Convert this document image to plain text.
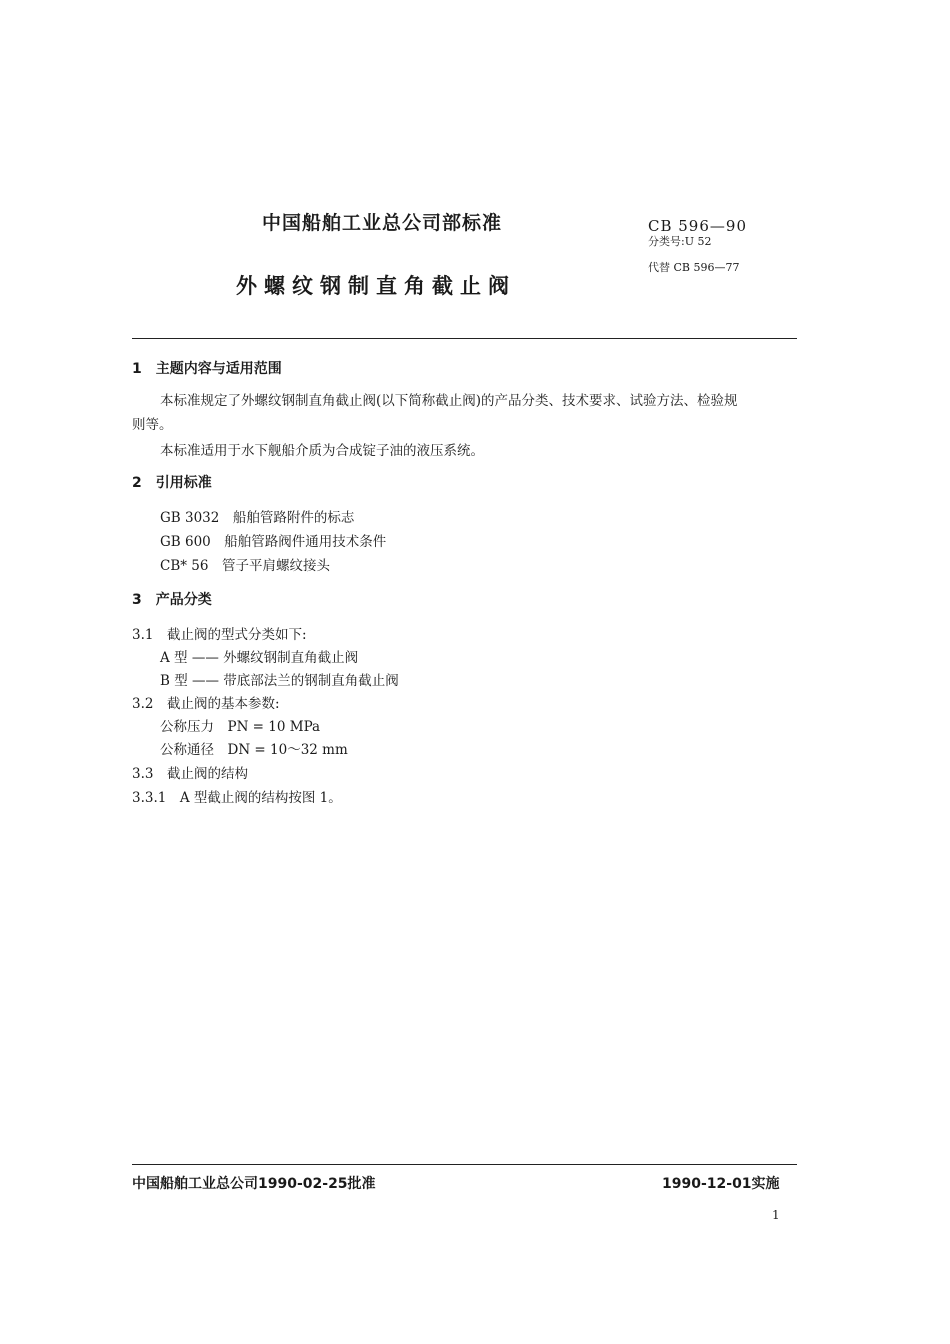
中国船舶工业总公司部标准	CB 596—90
分类号:U 52
外螺纹钢制直角截止阀
代替 CB 596—77
1　主题内容与适用范围
本标准规定了外螺纹钢制直角截止阀(以下简称截止阀)的产品分类、技术要求、试验方法、检验规
则等。
本标准适用于水下舰船介质为合成锭子油的液压系统。
2　引用标准
GB 3032　船舶管路附件的标志
GB 600　船舶管路阀件通用技术条件
CB* 56　管子平肩螺纹接头
3　产品分类
3.1　截止阀的型式分类如下:
A 型 —— 外螺纹钢制直角截止阀
B 型 —— 带底部法兰的钢制直角截止阀
3.2　截止阀的基本参数:
公称压力　PN = 10 MPa
公称通径　DN = 10～32 mm
3.3　截止阀的结构
3.3.1　A 型截止阀的结构按图 1。
中国船舶工业总公司1990-02-25批准	1990-12-01实施
1
